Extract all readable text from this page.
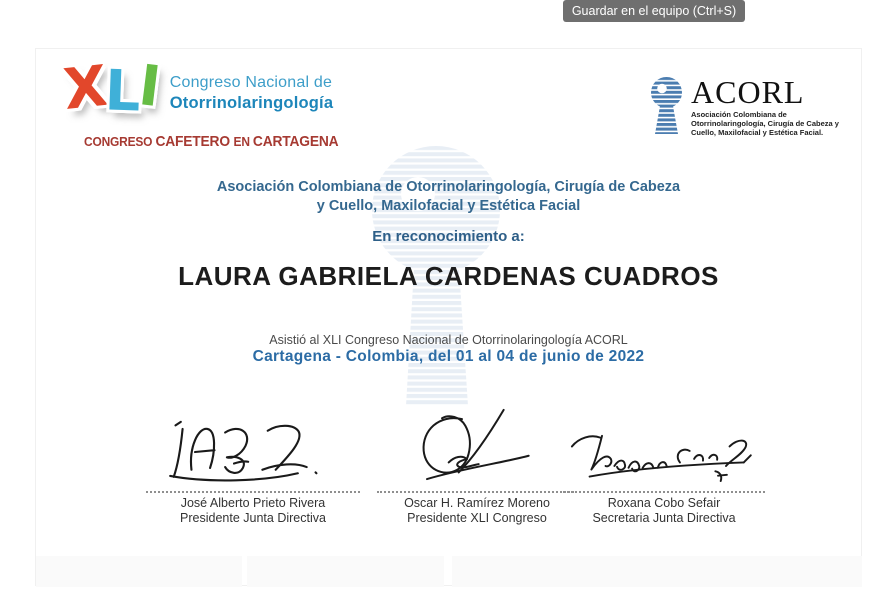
Guardar en el equipo (Ctrl+S)
XLI Congreso Nacional de
Otorrinolaringología
CONGRESO CAFETERO EN CARTAGENA
ACORL
Asociación Colombiana de
Otorrinolaringología, Cirugía de Cabeza y
Cuello, Maxilofacial y Estética Facial.
Asociación Colombiana de Otorrinolaringología, Cirugía de Cabeza
y Cuello, Maxilofacial y Estética Facial
En reconocimiento a:
LAURA GABRIELA CARDENAS CUADROS
Asistió al XLI Congreso Nacional de Otorrinolaringología ACORL
Cartagena - Colombia, del 01 al 04 de junio de 2022
José Alberto Prieto Rivera
Presidente Junta Directiva
Oscar H. Ramírez Moreno
Presidente XLI Congreso
Roxana Cobo Sefair
Secretaria Junta Directiva
